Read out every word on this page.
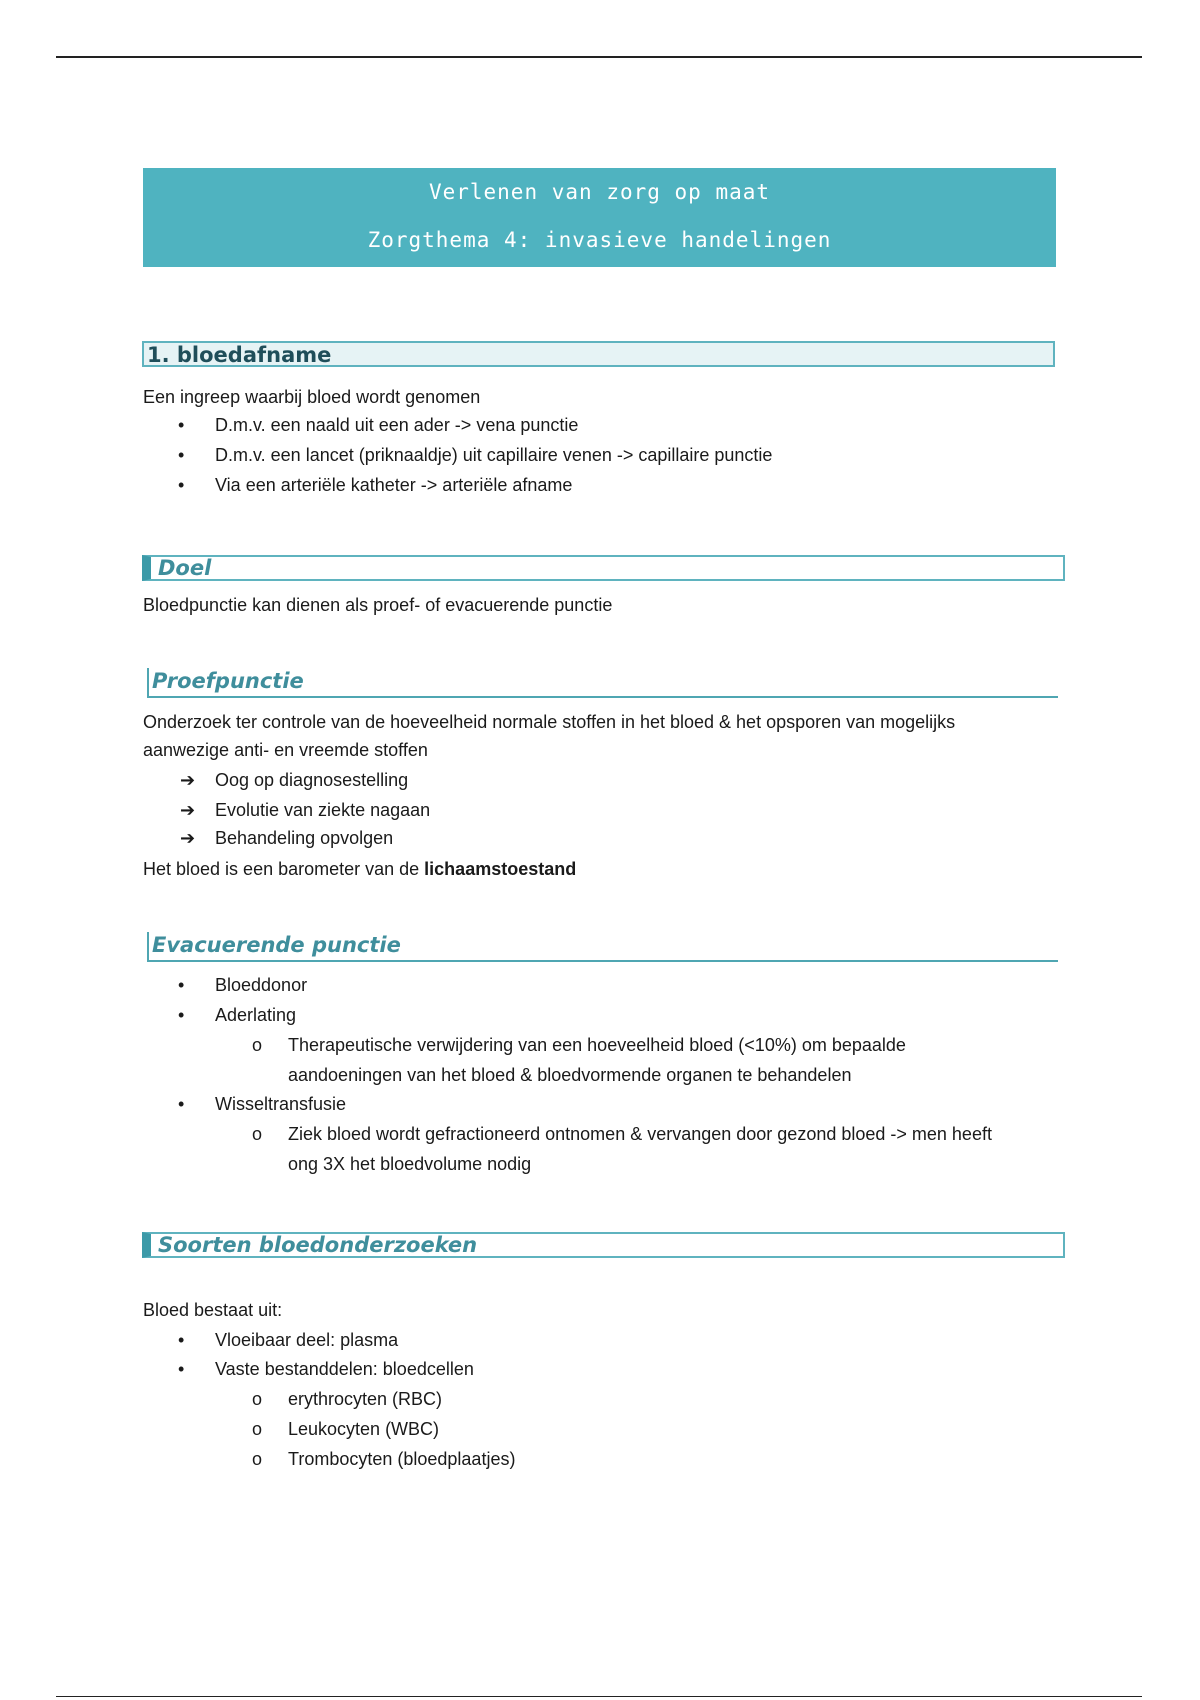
Verlenen van zorg op maat
Zorgthema 4: invasieve handelingen
1. bloedafname
Een ingreep waarbij bloed wordt genomen
• D.m.v. een naald uit een ader -> vena punctie
• D.m.v. een lancet (priknaaldje) uit capillaire venen -> capillaire punctie
• Via een arteriële katheter -> arteriële afname
Doel
Bloedpunctie kan dienen als proef- of evacuerende punctie
Proefpunctie
Onderzoek ter controle van de hoeveelheid normale stoffen in het bloed & het opsporen van mogelijks
aanwezige anti- en vreemde stoffen
➔ Oog op diagnosestelling
➔ Evolutie van ziekte nagaan
➔ Behandeling opvolgen
Het bloed is een barometer van de lichaamstoestand
Evacuerende punctie
• Bloeddonor
• Aderlating
o Therapeutische verwijdering van een hoeveelheid bloed (<10%) om bepaalde
aandoeningen van het bloed & bloedvormende organen te behandelen
• Wisseltransfusie
o Ziek bloed wordt gefractioneerd ontnomen & vervangen door gezond bloed -> men heeft
ong 3X het bloedvolume nodig
Soorten bloedonderzoeken
Bloed bestaat uit:
• Vloeibaar deel: plasma
• Vaste bestanddelen: bloedcellen
o erythrocyten (RBC)
o Leukocyten (WBC)
o Trombocyten (bloedplaatjes)
